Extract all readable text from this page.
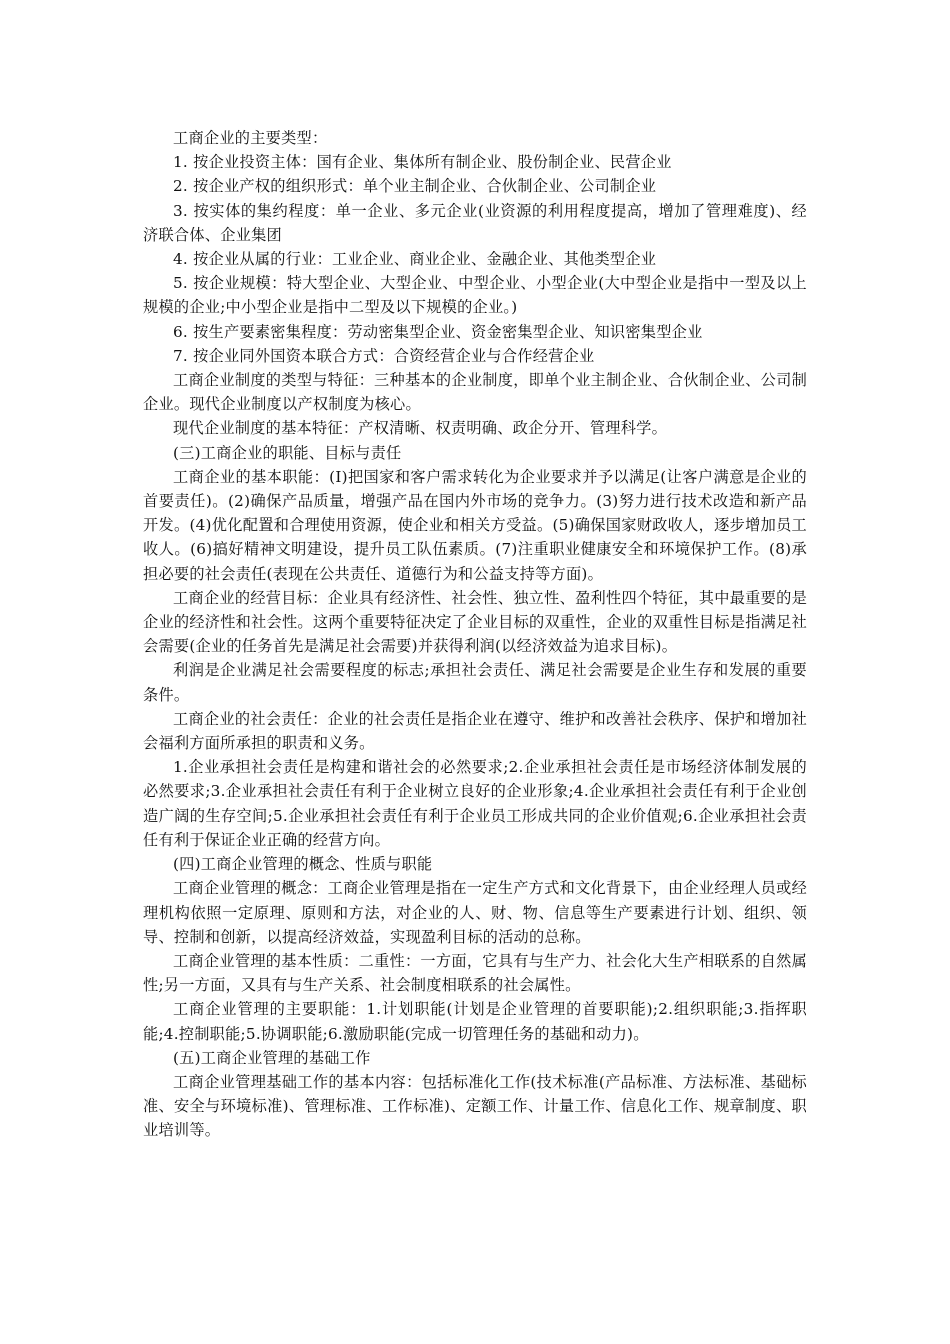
工商企业的主要类型：

1. 按企业投资主体：国有企业、集体所有制企业、股份制企业、民营企业

2. 按企业产权的组织形式：单个业主制企业、合伙制企业、公司制企业

3. 按实体的集约程度：单一企业、多元企业(业资源的利用程度提高，增加了管理难度)、经济联合体、企业集团

4. 按企业从属的行业：工业企业、商业企业、金融企业、其他类型企业

5. 按企业规模：特大型企业、大型企业、中型企业、小型企业(大中型企业是指中一型及以上规模的企业;中小型企业是指中二型及以下规模的企业。)

6. 按生产要素密集程度：劳动密集型企业、资金密集型企业、知识密集型企业

7. 按企业同外国资本联合方式：合资经营企业与合作经营企业

工商企业制度的类型与特征：三种基本的企业制度，即单个业主制企业、合伙制企业、公司制企业。现代企业制度以产权制度为核心。

现代企业制度的基本特征：产权清晰、权责明确、政企分开、管理科学。

(三)工商企业的职能、目标与责任

工商企业的基本职能：(I)把国家和客户需求转化为企业要求并予以满足(让客户满意是企业的首要责任)。(2)确保产品质量，增强产品在国内外市场的竞争力。(3)努力进行技术改造和新产品开发。(4)优化配置和合理使用资源，使企业和相关方受益。(5)确保国家财政收人，逐步增加员工收人。(6)搞好精神文明建设，提升员工队伍素质。(7)注重职业健康安全和环境保护工作。(8)承担必要的社会责任(表现在公共责任、道德行为和公益支持等方面)。

工商企业的经营目标：企业具有经济性、社会性、独立性、盈利性四个特征，其中最重要的是企业的经济性和社会性。这两个重要特征决定了企业目标的双重性，企业的双重性目标是指满足社会需要(企业的任务首先是满足社会需要)并获得利润(以经济效益为追求目标)。

利润是企业满足社会需要程度的标志;承担社会责任、满足社会需要是企业生存和发展的重要条件。

工商企业的社会责任：企业的社会责任是指企业在遵守、维护和改善社会秩序、保护和增加社会福利方面所承担的职责和义务。

1.企业承担社会责任是构建和谐社会的必然要求;2.企业承担社会责任是市场经济体制发展的必然要求;3.企业承担社会责任有利于企业树立良好的企业形象;4.企业承担社会责任有利于企业创造广阔的生存空间;5.企业承担社会责任有利于企业员工形成共同的企业价值观;6.企业承担社会责任有利于保证企业正确的经营方向。

(四)工商企业管理的概念、性质与职能

工商企业管理的概念：工商企业管理是指在一定生产方式和文化背景下，由企业经理人员或经理机构依照一定原理、原则和方法，对企业的人、财、物、信息等生产要素进行计划、组织、领导、控制和创新，以提高经济效益，实现盈利目标的活动的总称。

工商企业管理的基本性质：二重性：一方面，它具有与生产力、社会化大生产相联系的自然属性;另一方面，又具有与生产关系、社会制度相联系的社会属性。

工商企业管理的主要职能：1.计划职能(计划是企业管理的首要职能);2.组织职能;3.指挥职能;4.控制职能;5.协调职能;6.激励职能(完成一切管理任务的基础和动力)。

(五)工商企业管理的基础工作

工商企业管理基础工作的基本内容：包括标准化工作(技术标准(产品标准、方法标准、基础标准、安全与环境标准)、管理标准、工作标准)、定额工作、计量工作、信息化工作、规章制度、职业培训等。
